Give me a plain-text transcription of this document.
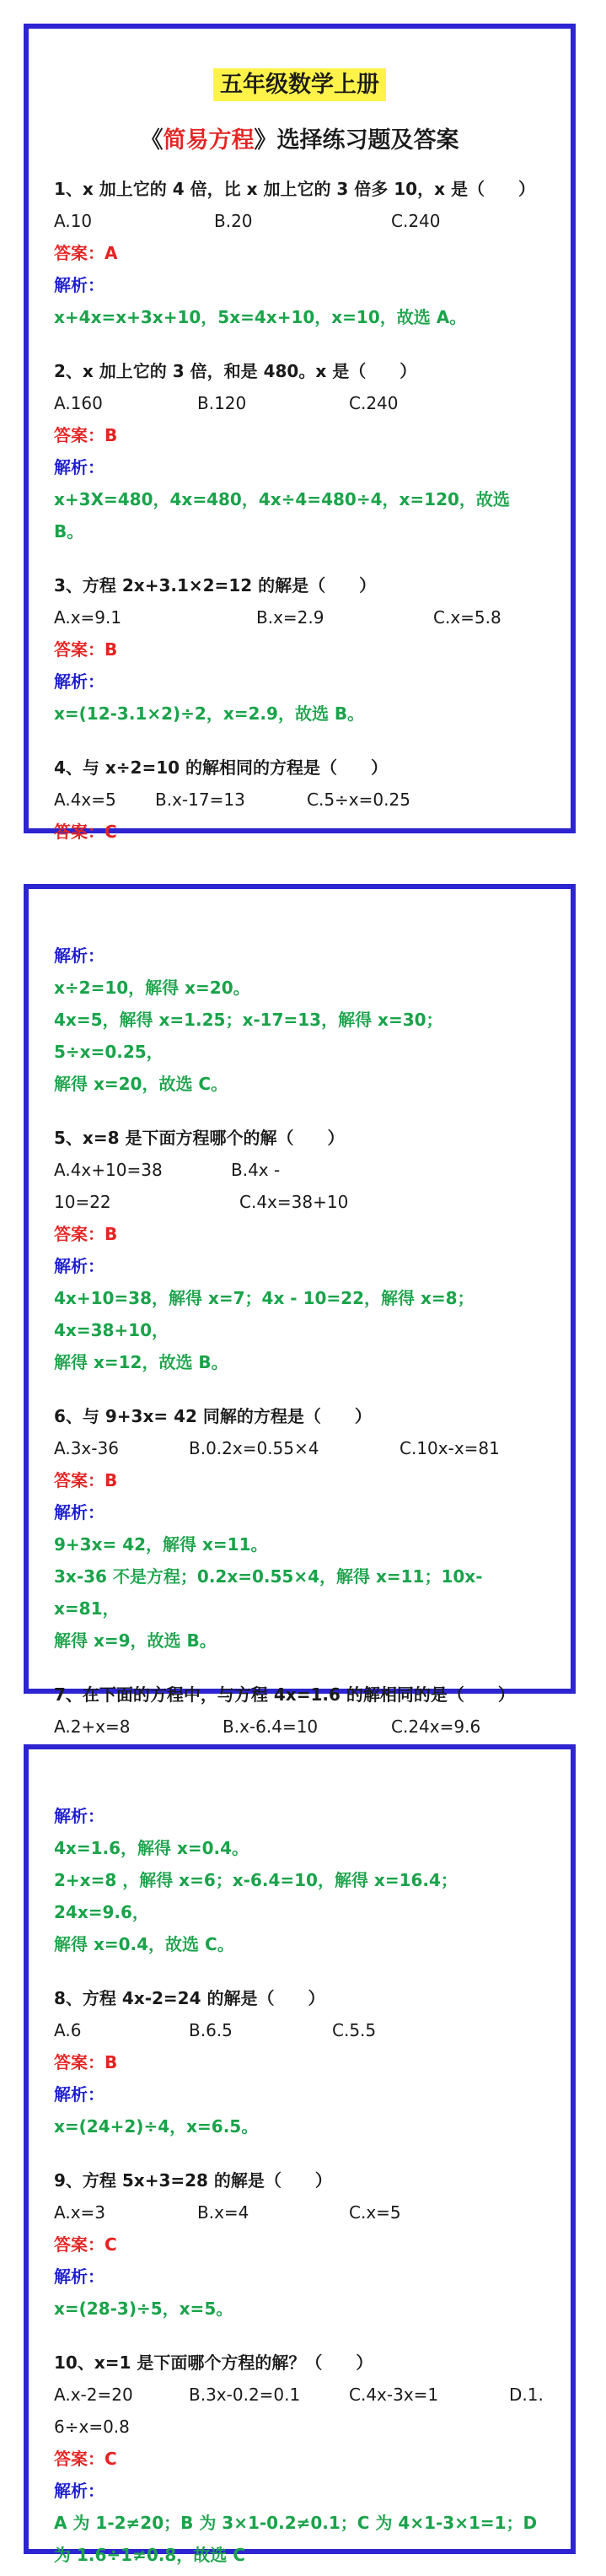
五年级数学上册
《简易方程》选择练习题及答案
1、x 加上它的 4 倍，比 x 加上它的 3 倍多 10，x 是（　　）
A.10	B.20	C.240
答案：A
解析：
x+4x=x+3x+10，5x=4x+10，x=10，故选 A。
2、x 加上它的 3 倍，和是 480。x 是（　　）
A.160	B.120	C.240
答案：B
解析：
x+3X=480，4x=480，4x÷4=480÷4，x=120，故选 B。
3、方程 2x+3.1×2=12 的解是（　　）
A.x=9.1	B.x=2.9	C.x=5.8
答案：B
解析：
x=(12-3.1×2)÷2，x=2.9，故选 B。
4、与 x÷2=10 的解相同的方程是（　　）
A.4x=5 B.x-17=13	C.5÷x=0.25
答案：C
解析：
x÷2=10，解得 x=20。
4x=5，解得 x=1.25；x-17=13，解得 x=30；5÷x=0.25，
解得 x=20，故选 C。
5、x=8 是下面方程哪个的解（　　）
A.4x+10=38	B.4x -
10=22	C.4x=38+10
答案：B
解析：
4x+10=38，解得 x=7；4x - 10=22，解得 x=8；4x=38+10，
解得 x=12，故选 B。
6、与 9+3x= 42 同解的方程是（　　）
A.3x-36	B.0.2x=0.55×4	C.10x-x=81
答案：B
解析：
9+3x= 42，解得 x=11。
3x-36 不是方程；0.2x=0.55×4，解得 x=11；10x-x=81，
解得 x=9，故选 B。
7、在下面的方程中，与方程 4x=1.6 的解相同的是（　　）
A.2+x=8	B.x-6.4=10	C.24x=9.6
解析：
4x=1.6，解得 x=0.4。
2+x=8 ，解得 x=6；x-6.4=10，解得 x=16.4；24x=9.6，
解得 x=0.4，故选 C。
8、方程 4x-2=24 的解是（　　）
A.6	B.6.5	C.5.5
答案：B
解析：
x=(24+2)÷4，x=6.5。
9、方程 5x+3=28 的解是（　　）
A.x=3	B.x=4	C.x=5
答案：C
解析：
x=(28-3)÷5，x=5。
10、x=1 是下面哪个方程的解？（　　）
A.x-2=20	B.3x-0.2=0.1	C.4x-3x=1	D.1.
6÷x=0.8
答案：C
解析：
A 为 1-2≠20；B 为 3×1-0.2≠0.1；C 为 4×1-3×1=1；D
为 1.6÷1≠0.8，故选 C
